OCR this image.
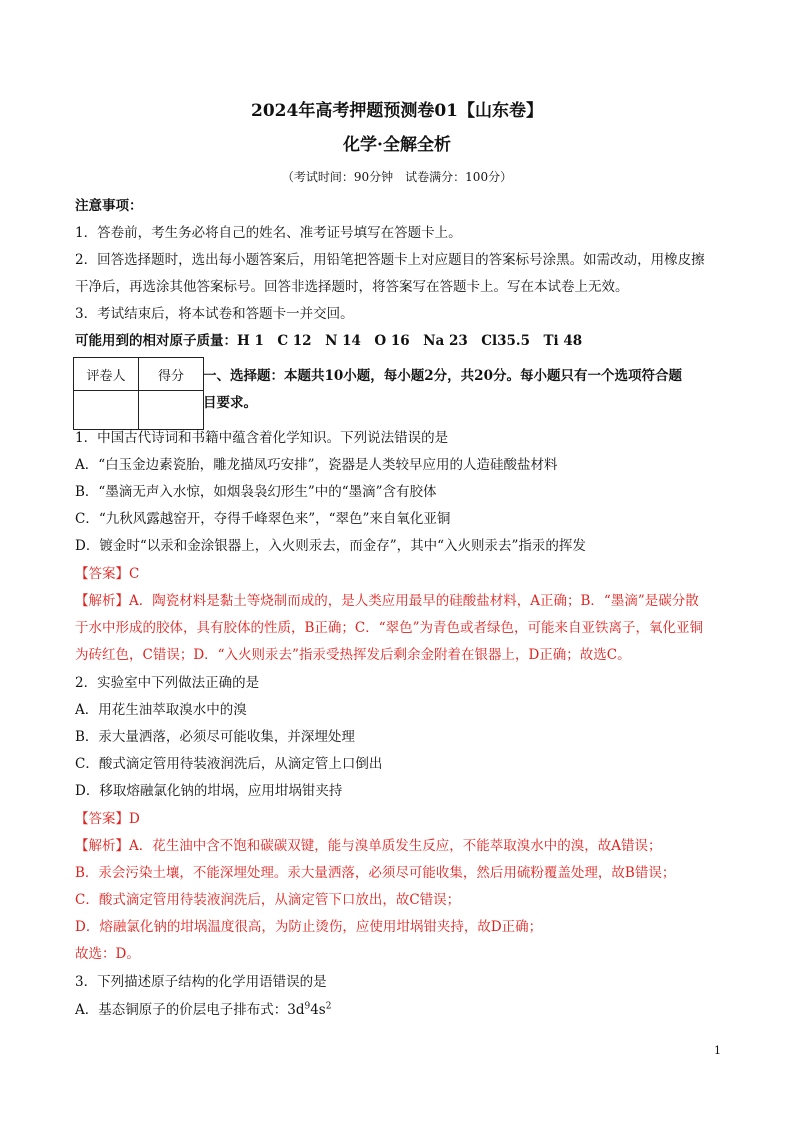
2024年高考押题预测卷01【山东卷】
化学·全解全析
（考试时间：90分钟　试卷满分：100分）
注意事项：
1．答卷前，考生务必将自己的姓名、准考证号填写在答题卡上。
2．回答选择题时，选出每小题答案后，用铅笔把答题卡上对应题目的答案标号涂黑。如需改动，用橡皮擦
干净后，再选涂其他答案标号。回答非选择题时，将答案写在答题卡上。写在本试卷上无效。
3．考试结束后，将本试卷和答题卡一并交回。
可能用到的相对原子质量：H 1　C 12　N 14　O 16　Na 23　Cl35.5　Ti 48
评卷人	得分
	一、选择题：本题共10小题，每小题2分，共20分。每小题只有一个选项符合题
目要求。
1．中国古代诗词和书籍中蕴含着化学知识。下列说法错误的是
A．“白玉金边素瓷胎，雕龙描凤巧安排”，瓷器是人类较早应用的人造硅酸盐材料
B．“墨滴无声入水惊，如烟袅袅幻形生”中的“墨滴”含有胶体
C．“九秋风露越窑开，夺得千峰翠色来”，“翠色”来自氧化亚铜
D．镀金时“以汞和金涂银器上，入火则汞去，而金存”，其中“入火则汞去”指汞的挥发
【答案】C
【解析】A．陶瓷材料是黏土等烧制而成的，是人类应用最早的硅酸盐材料，A正确；B．“墨滴”是碳分散
于水中形成的胶体，具有胶体的性质，B正确；C．“翠色”为青色或者绿色，可能来自亚铁离子，氧化亚铜
为砖红色，C错误；D．“入火则汞去”指汞受热挥发后剩余金附着在银器上，D正确；故选C。
2．实验室中下列做法正确的是
A．用花生油萃取溴水中的溴
B．汞大量洒落，必须尽可能收集，并深埋处理
C．酸式滴定管用待装液润洗后，从滴定管上口倒出
D．移取熔融氯化钠的坩埚，应用坩埚钳夹持
【答案】D
【解析】A．花生油中含不饱和碳碳双键，能与溴单质发生反应，不能萃取溴水中的溴，故A错误；
B．汞会污染土壤，不能深埋处理。汞大量洒落，必须尽可能收集，然后用硫粉覆盖处理，故B错误；
C．酸式滴定管用待装液润洗后，从滴定管下口放出，故C错误；
D．熔融氯化钠的坩埚温度很高，为防止烫伤，应使用坩埚钳夹持，故D正确；
故选：D。
3．下列描述原子结构的化学用语错误的是
A．基态铜原子的价层电子排布式：$3d^94s^2$
1
